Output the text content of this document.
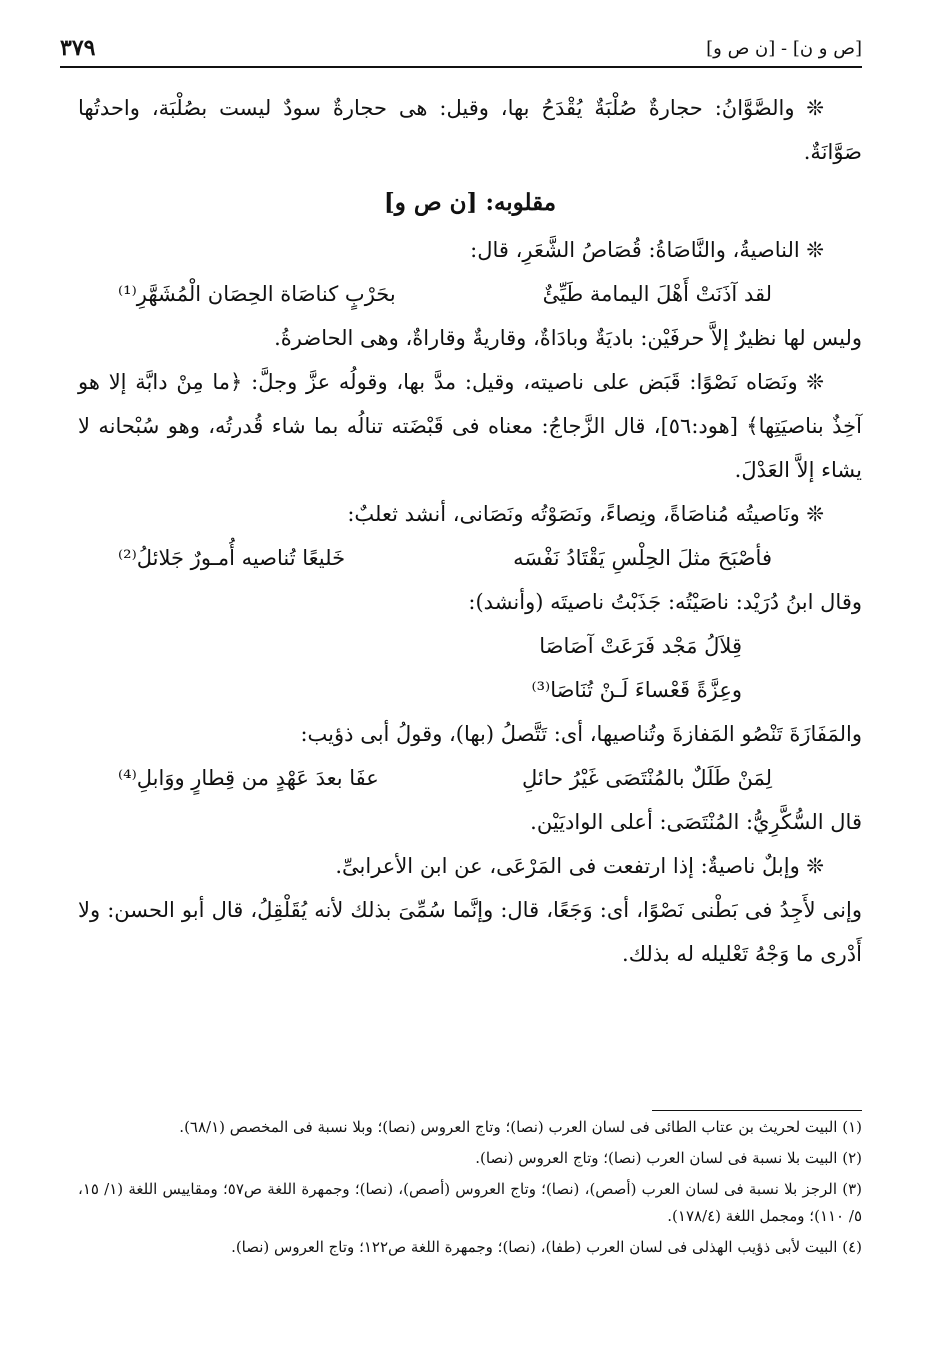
[ص و ن] - [ن ص و]
٣٧٩

❊ والصَّوَّانُ: حجارةٌ صُلْبَةٌ يُقْدَحُ بها، وقيل: هى حجارةٌ سودٌ ليست بصُلْبَة، واحدتُها صَوَّانَةٌ.

مقلوبه: [ن ص و]

❊ الناصيةُ، والنَّاصَاةُ: قُصَاصُ الشَّعَرِ، قال:

لقد آذَنَتْ أَهْلَ اليمامة طَيِّئٌ
بحَرْبٍ كناصَاة الحِصَان الْمُشَهَّرِ⁽¹⁾

وليس لها نظيرٌ إلاَّ حرفَيْن: باديَةٌ وبادَاةٌ، وقاريةٌ وقاراةٌ، وهى الحاضرةُ.

❊ ونَصَاه نَصْوًا: قَبَض على ناصيته، وقيل: مدَّ بها، وقولُه عزَّ وجلَّ: ﴿ما مِنْ دابَّة إلا هو آخِذٌ بناصيَتِها﴾ [هود:٥٦]، قال الزَّجاجُ: معناه فى قَبْضَته تنالُه بما شاء قُدرتُه، وهو سُبْحانه لا يشاء إلاَّ العَدْلَ.

❊ ونَاصيتُه مُناصَاةً، ونِصاءً، ونَصَوْتُه ونَصَانى، أنشد ثعلبٌ:

فأصْبَحَ مثلَ الحِلْسِ يَقْتَادُ نَفْسَه
خَليعًا تُناصيه أُمـورٌ جَلائلُ⁽²⁾

وقال ابنُ دُرَيْد: ناصَيْتُه: جَذَبْتُ ناصيتَه (وأنشد):

قِلاَلُ مَجْد فَرَعَتْ آصَاصَا

وعِزَّةً قَعْساءَ لَـنْ تُنَاصَا⁽³⁾

والمَفَازَةَ تَنْصُو المَفازةَ وتُناصيها، أى: تَتَّصلُ (بها)، وقولُ أبى ذؤيب:

لِمَنْ طَلَلٌ بالمُنْتَصَى غَيْرُ حائلِ
عفَا بعدَ عَهْدٍ من قِطارٍ ووَابلِ⁽⁴⁾

قال السُّكَّرِيُّ: المُنْتَصَى: أعلى الواديَيْن.

❊ وإبلٌ ناصيةٌ: إذا ارتفعت فى المَرْعَى، عن ابن الأعرابىِّ.

وإنى لأَجِدُ فى بَطْنى نَصْوًا، أى: وَجَعًا، قال: وإنَّما سُمِّىَ بذلك لأنه يُقَلْقِلُ، قال أبو الحسن: ولا أَدْرى ما وَجْهُ تَعْليله له بذلك.

(١) البيت لحريث بن عتاب الطائى فى لسان العرب (نصا)؛ وتاج العروس (نصا)؛ وبلا نسبة فى المخصص (٦٨/١).

(٢) البيت بلا نسبة فى لسان العرب (نصا)؛ وتاج العروس (نصا).

(٣) الرجز بلا نسبة فى لسان العرب (أصص)، (نصا)؛ وتاج العروس (أصص)، (نصا)؛ وجمهرة اللغة ص٥٧؛ ومقاييس اللغة (١/ ١٥، ٥/ ١١٠)؛ ومجمل اللغة (١٧٨/٤).

(٤) البيت لأبى ذؤيب الهذلى فى لسان العرب (طفا)، (نصا)؛ وجمهرة اللغة ص١٢٢؛ وتاج العروس (نصا).
